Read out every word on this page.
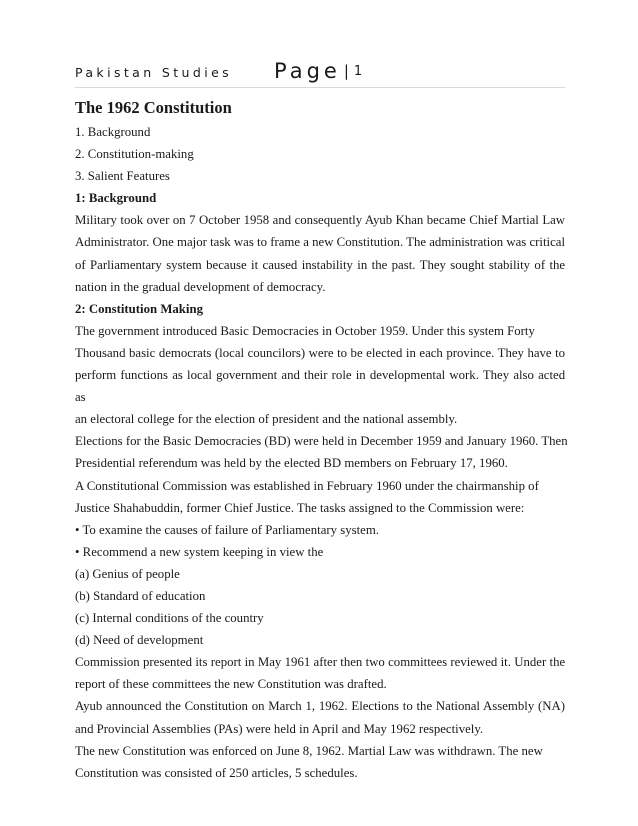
Pakistan Studies Page | 1
The 1962 Constitution
1. Background
2. Constitution-making
3. Salient Features
1: Background
Military took over on 7 October 1958 and consequently Ayub Khan became Chief Martial Law
Administrator. One major task was to frame a new Constitution. The administration was critical
of Parliamentary system because it caused instability in the past. They sought stability of the
nation in the gradual development of democracy.
2: Constitution Making
The government introduced Basic Democracies in October 1959. Under this system Forty
Thousand basic democrats (local councilors) were to be elected in each province. They have to
perform functions as local government and their role in developmental work. They also acted as
an electoral college for the election of president and the national assembly.
Elections for the Basic Democracies (BD) were held in December 1959 and January 1960. Then
Presidential referendum was held by the elected BD members on February 17, 1960.
A Constitutional Commission was established in February 1960 under the chairmanship of
Justice Shahabuddin, former Chief Justice. The tasks assigned to the Commission were:
• To examine the causes of failure of Parliamentary system.
• Recommend a new system keeping in view the
(a) Genius of people
(b) Standard of education
(c) Internal conditions of the country
(d) Need of development
Commission presented its report in May 1961 after then two committees reviewed it. Under the
report of these committees the new Constitution was drafted.
Ayub announced the Constitution on March 1, 1962. Elections to the National Assembly (NA)
and Provincial Assemblies (PAs) were held in April and May 1962 respectively.
The new Constitution was enforced on June 8, 1962. Martial Law was withdrawn. The new
Constitution was consisted of 250 articles, 5 schedules.
